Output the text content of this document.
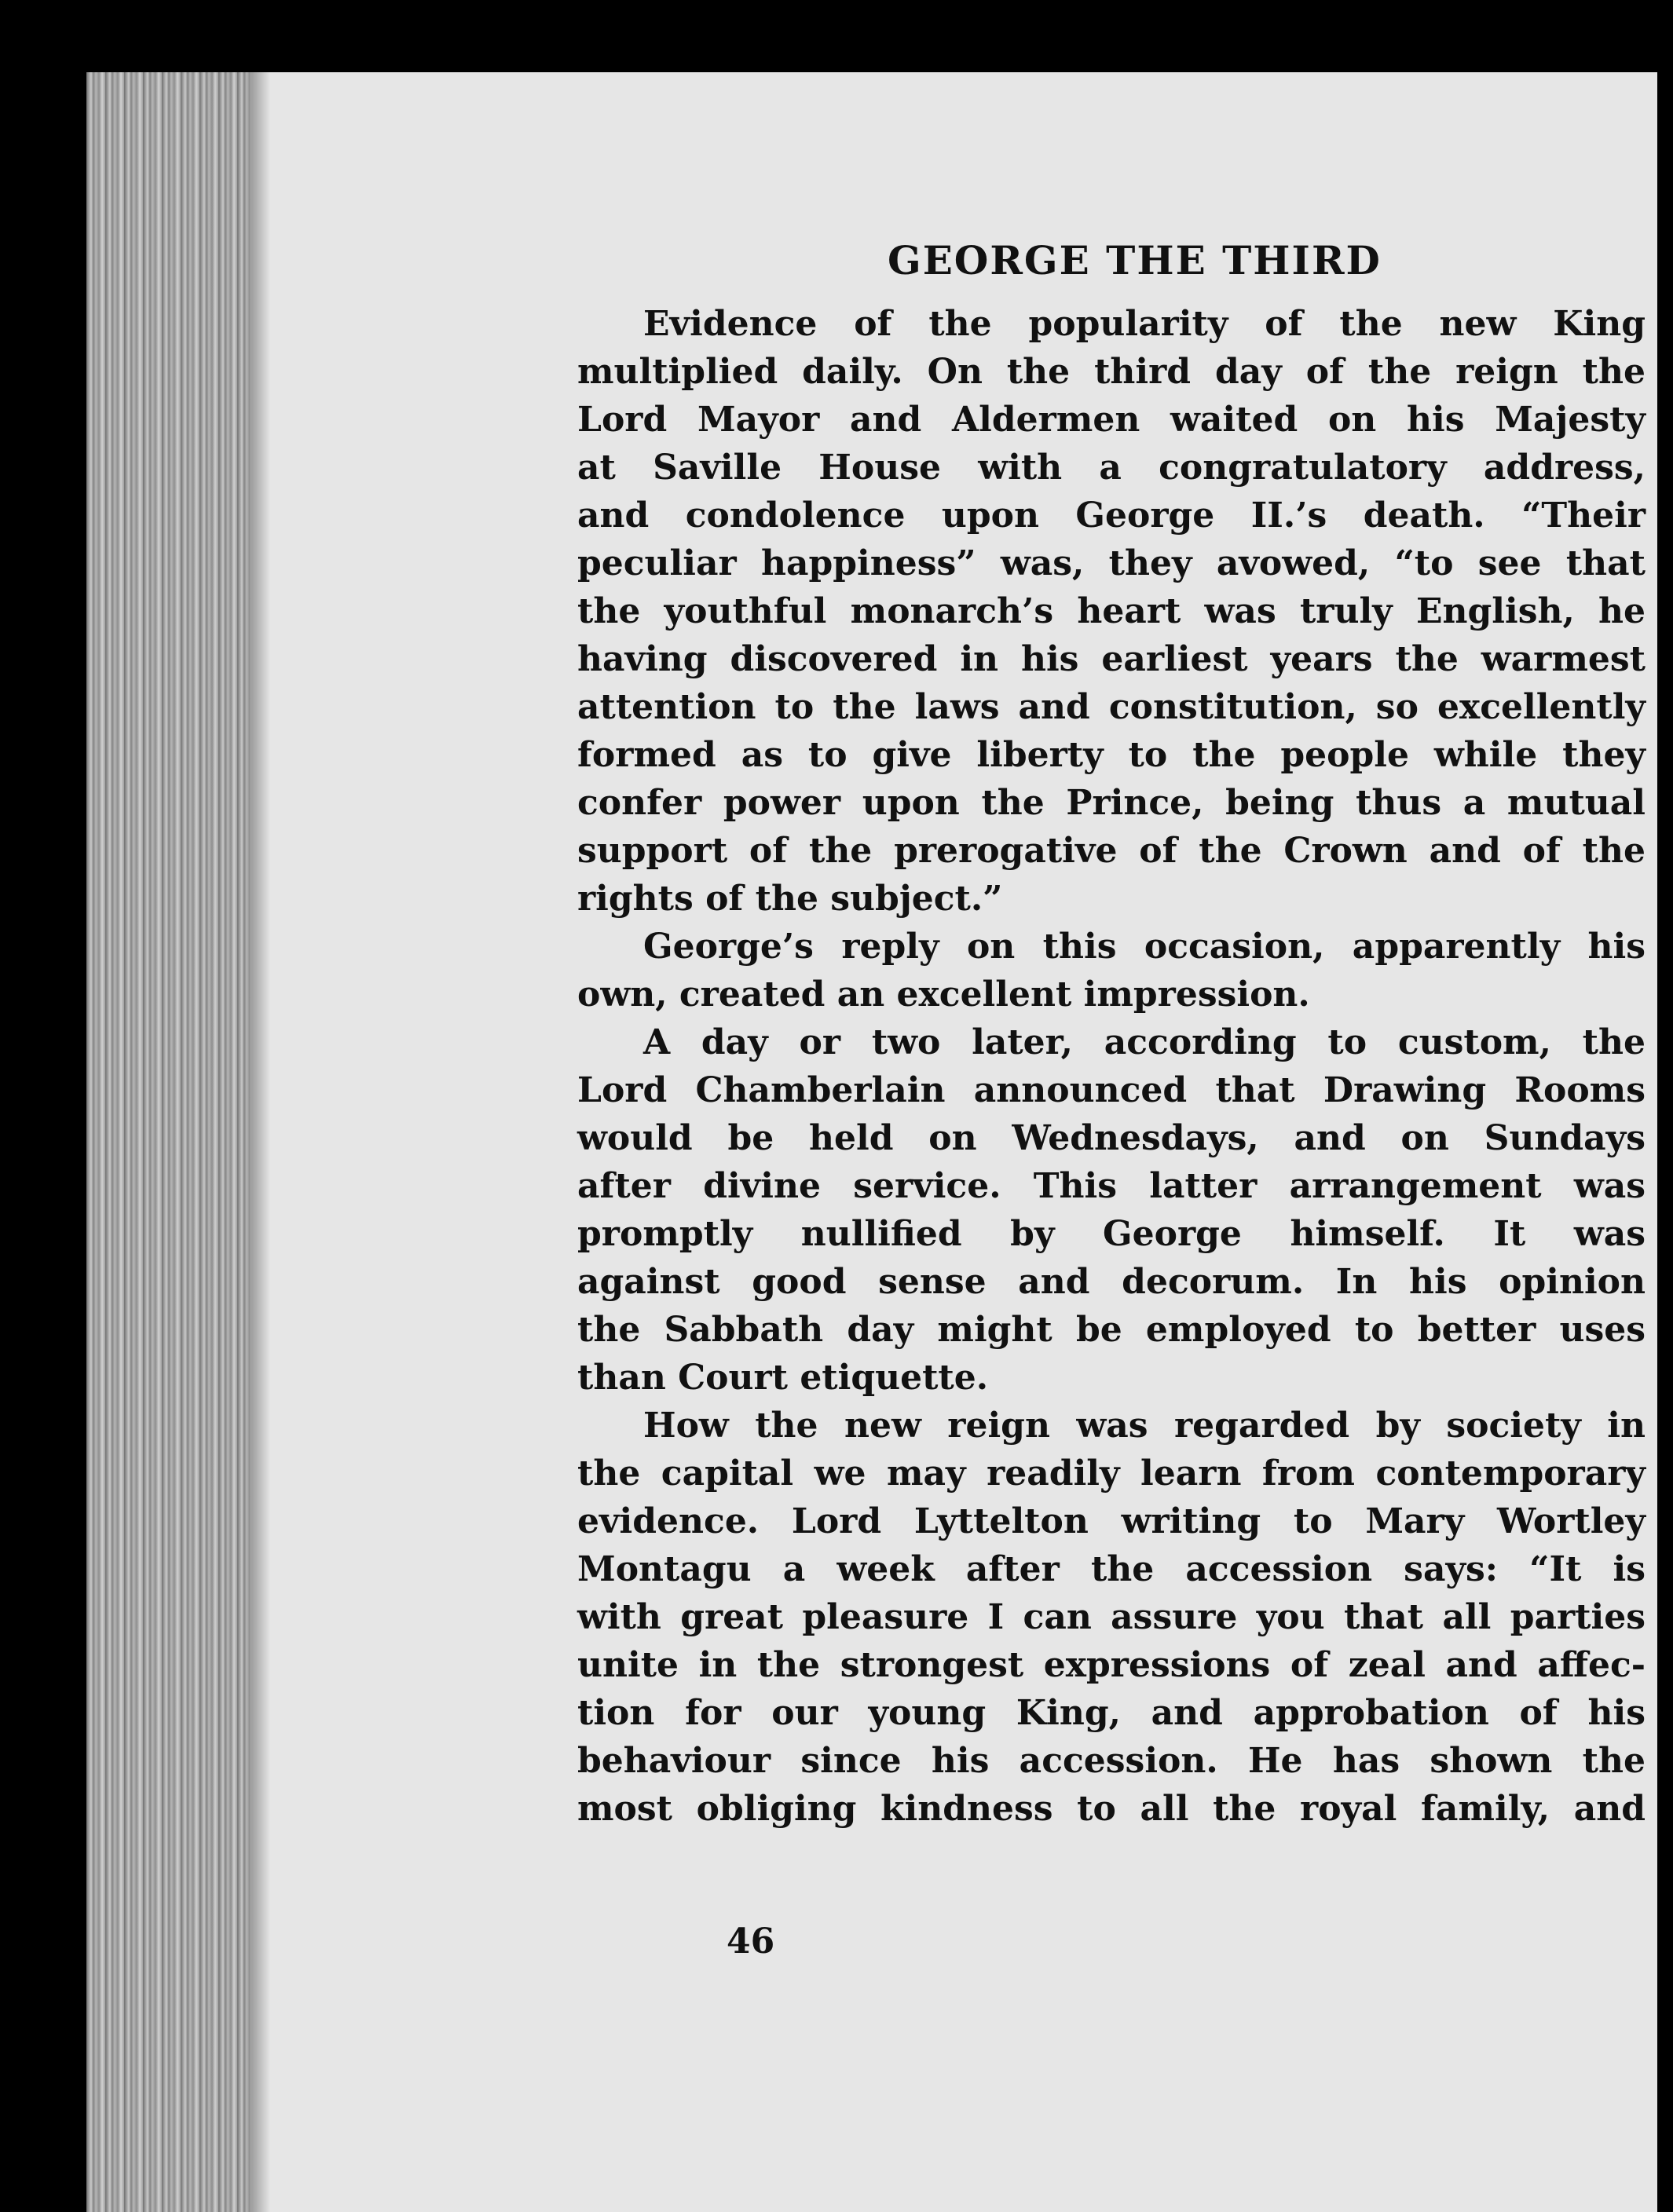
GEORGE THE THIRD
Evidence of the popularity of the new King
multiplied daily. On the third day of the reign the
Lord Mayor and Aldermen waited on his Majesty
at Saville House with a congratulatory address,
and condolence upon George II.’s death. “Their
peculiar happiness” was, they avowed, “to see that
the youthful monarch’s heart was truly English, he
having discovered in his earliest years the warmest
attention to the laws and constitution, so excellently
formed as to give liberty to the people while they
confer power upon the Prince, being thus a mutual
support of the prerogative of the Crown and of the
rights of the subject.”
George’s reply on this occasion, apparently his
own, created an excellent impression.
A day or two later, according to custom, the
Lord Chamberlain announced that Drawing Rooms
would be held on Wednesdays, and on Sundays
after divine service. This latter arrangement was
promptly nullified by George himself. It was
against good sense and decorum. In his opinion
the Sabbath day might be employed to better uses
than Court etiquette.
How the new reign was regarded by society in
the capital we may readily learn from contemporary
evidence. Lord Lyttelton writing to Mary Wortley
Montagu a week after the accession says: “It is
with great pleasure I can assure you that all parties
unite in the strongest expressions of zeal and affec-
tion for our young King, and approbation of his
behaviour since his accession. He has shown the
most obliging kindness to all the royal family, and
46
